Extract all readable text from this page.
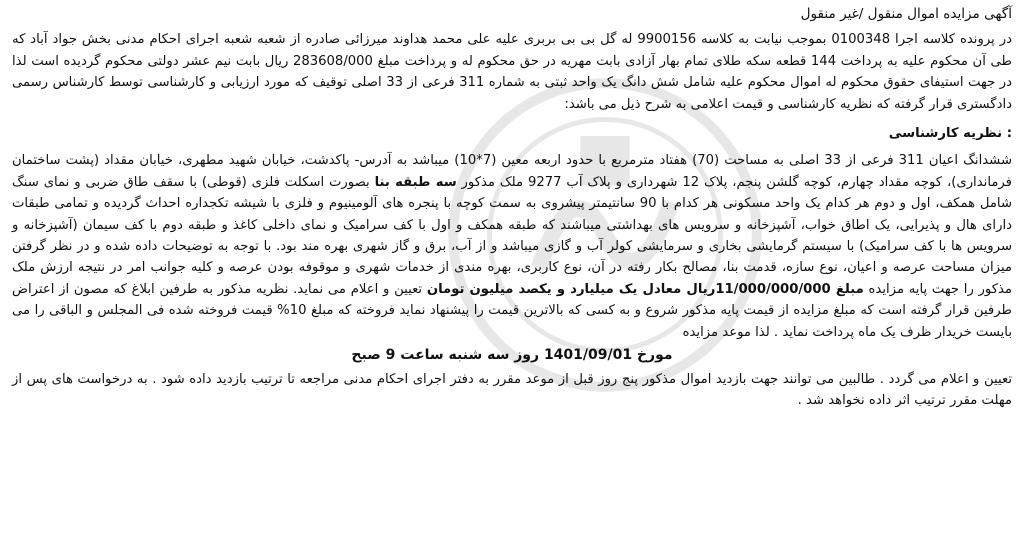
آگهی مزایده اموال منقول /غیر منقول

در پرونده کلاسه اجرا 0100348 بموجب نیابت به کلاسه 9900156 له گل بی بی بربری علیه علی محمد هداوند میرزائی صادره از شعبه شعبه اجرای احکام مدنی بخش جواد آباد که طی آن محکوم علیه به پرداخت 144 قطعه سکه طلای تمام بهار آزادی بابت مهریه در حق محکوم له و پرداخت مبلغ 283608/000 ریال بابت نیم عشر دولتی محکوم گردیده است لذا در جهت استیفای حقوق محکوم له اموال محکوم علیه شامل شش دانگ یک واحد ثبتی به شماره 311 فرعی از 33 اصلی توقیف که مورد ارزیابی و کارشناسی توسط کارشناس رسمی دادگستری قرار گرفته که نظریه کارشناسی و قیمت اعلامی به شرح ذیل می باشد:

: نظریه کارشناسی

ششدانگ اعیان 311 فرعی از 33 اصلی به مساحت (70) هفتاد مترمربع با حدود اربعه معین (7*10) میباشد به آدرس- پاکدشت، خیابان شهید مطهری، خیابان مقداد (پشت ساختمان فرمانداری)، کوچه مقداد چهارم، کوچه گلشن پنجم، پلاک 12 شهرداری و پلاک آب 9277 ملک مذکور سه طبقه بنا بصورت اسکلت فلزی (قوطی) با سقف طاق ضربی و نمای سنگ شامل همکف، اول و دوم هر کدام یک واحد مسکونی هر کدام با 90 سانتیمتر پیشروی به سمت کوچه با پنجره های آلومینیوم و فلزی با شیشه تکجداره احداث گردیده و تمامی طبقات دارای هال و پذیرایی، یک اطاق خواب، آشپزخانه و سرویس های بهداشتی میباشند که طبقه همکف و اول با کف سرامیک و نمای داخلی کاغذ و طبقه دوم با کف سیمان (آشپزخانه و سرویس ها با کف سرامیک) با سیستم گرمایشی بخاری و سرمایشی کولر آب و گازی میباشد و از آب، برق و گاز شهری بهره مند بود. با توجه به توضیحات داده شده و در نظر گرفتن میزان مساحت عرصه و اعیان، نوع سازه، قدمت بنا، مصالح بکار رفته در آن، نوع کاربری، بهره مندی از خدمات شهری و موقوفه بودن عرصه و کلیه جوانب امر در نتیجه ارزش ملک مذکور را جهت پایه مزایده مبلغ 11/000/000/000ریال معادل یک میلیارد و یکصد میلیون تومان تعیین و اعلام می نماید. نظریه مذکور به طرفین ابلاغ که مصون از اعتراض طرفین قرار گرفته است که مبلغ مزایده از قیمت پایه مذکور شروع و به کسی که بالاترین قیمت را پیشنهاد نماید فروخته که مبلغ 10% قیمت فروخته شده فی المجلس و الباقی را می بایست خریدار ظرف یک ماه پرداخت نماید . لذا موعد مزایده

مورخ 1401/09/01 روز سه شنبه ساعت 9 صبح

تعیین و اعلام می گردد . طالبین می توانند جهت بازدید اموال مذکور پنج روز قبل از موعد مقرر به دفتر اجرای احکام مدنی مراجعه تا ترتیب بازدید داده شود . به درخواست های پس از مهلت مقرر ترتیب اثر داده نخواهد شد .
